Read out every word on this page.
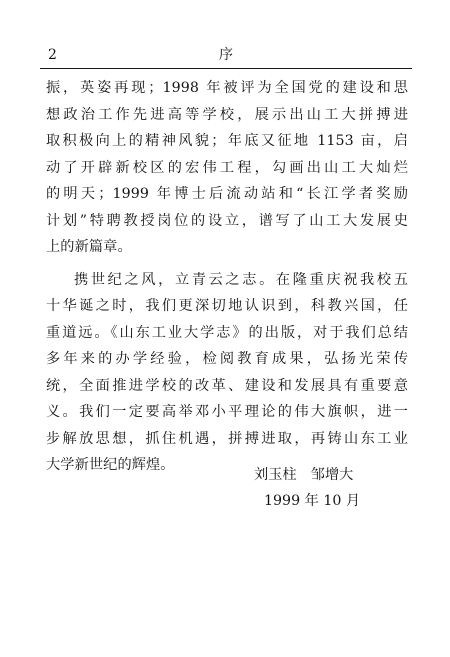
2	序
振，英姿再现；1998 年被评为全国党的建设和思
想政治工作先进高等学校，展示出山工大拼搏进
取积极向上的精神风貌；年底又征地 1153 亩，启
动了开辟新校区的宏伟工程，勾画出山工大灿烂
的明天；1999 年博士后流动站和“长江学者奖励
计划”特聘教授岗位的设立，谱写了山工大发展史
上的新篇章。
携世纪之风，立青云之志。在隆重庆祝我校五
十华诞之时，我们更深切地认识到，科教兴国，任
重道远。《山东工业大学志》的出版，对于我们总结
多年来的办学经验，检阅教育成果，弘扬光荣传
统，全面推进学校的改革、建设和发展具有重要意
义。我们一定要高举邓小平理论的伟大旗帜，进一
步解放思想，抓住机遇，拼搏进取，再铸山东工业
大学新世纪的辉煌。
刘玉柱　邹增大
1999 年 10 月
